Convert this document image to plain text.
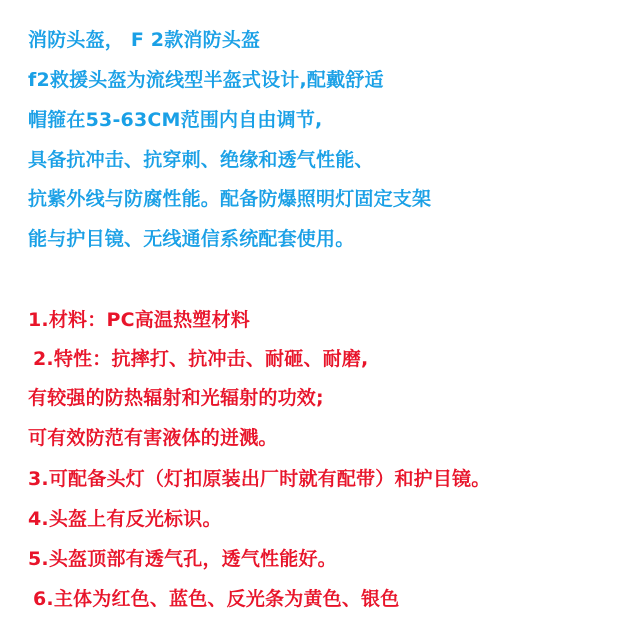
消防头盔， F 2款消防头盔
f2救援头盔为流线型半盔式设计,配戴舒适
帽箍在53-63CM范围内自由调节,
具备抗冲击、抗穿刺、绝缘和透气性能、
抗紫外线与防腐性能。配备防爆照明灯固定支架
能与护目镜、无线通信系统配套使用。
1.材料：PC高温热塑材料
2.特性：抗摔打、抗冲击、耐砸、耐磨,
有较强的防热辐射和光辐射的功效;
可有效防范有害液体的迸溅。
3.可配备头灯（灯扣原装出厂时就有配带）和护目镜。
4.头盔上有反光标识。
5.头盔顶部有透气孔，透气性能好。
6.主体为红色、蓝色、反光条为黄色、银色
